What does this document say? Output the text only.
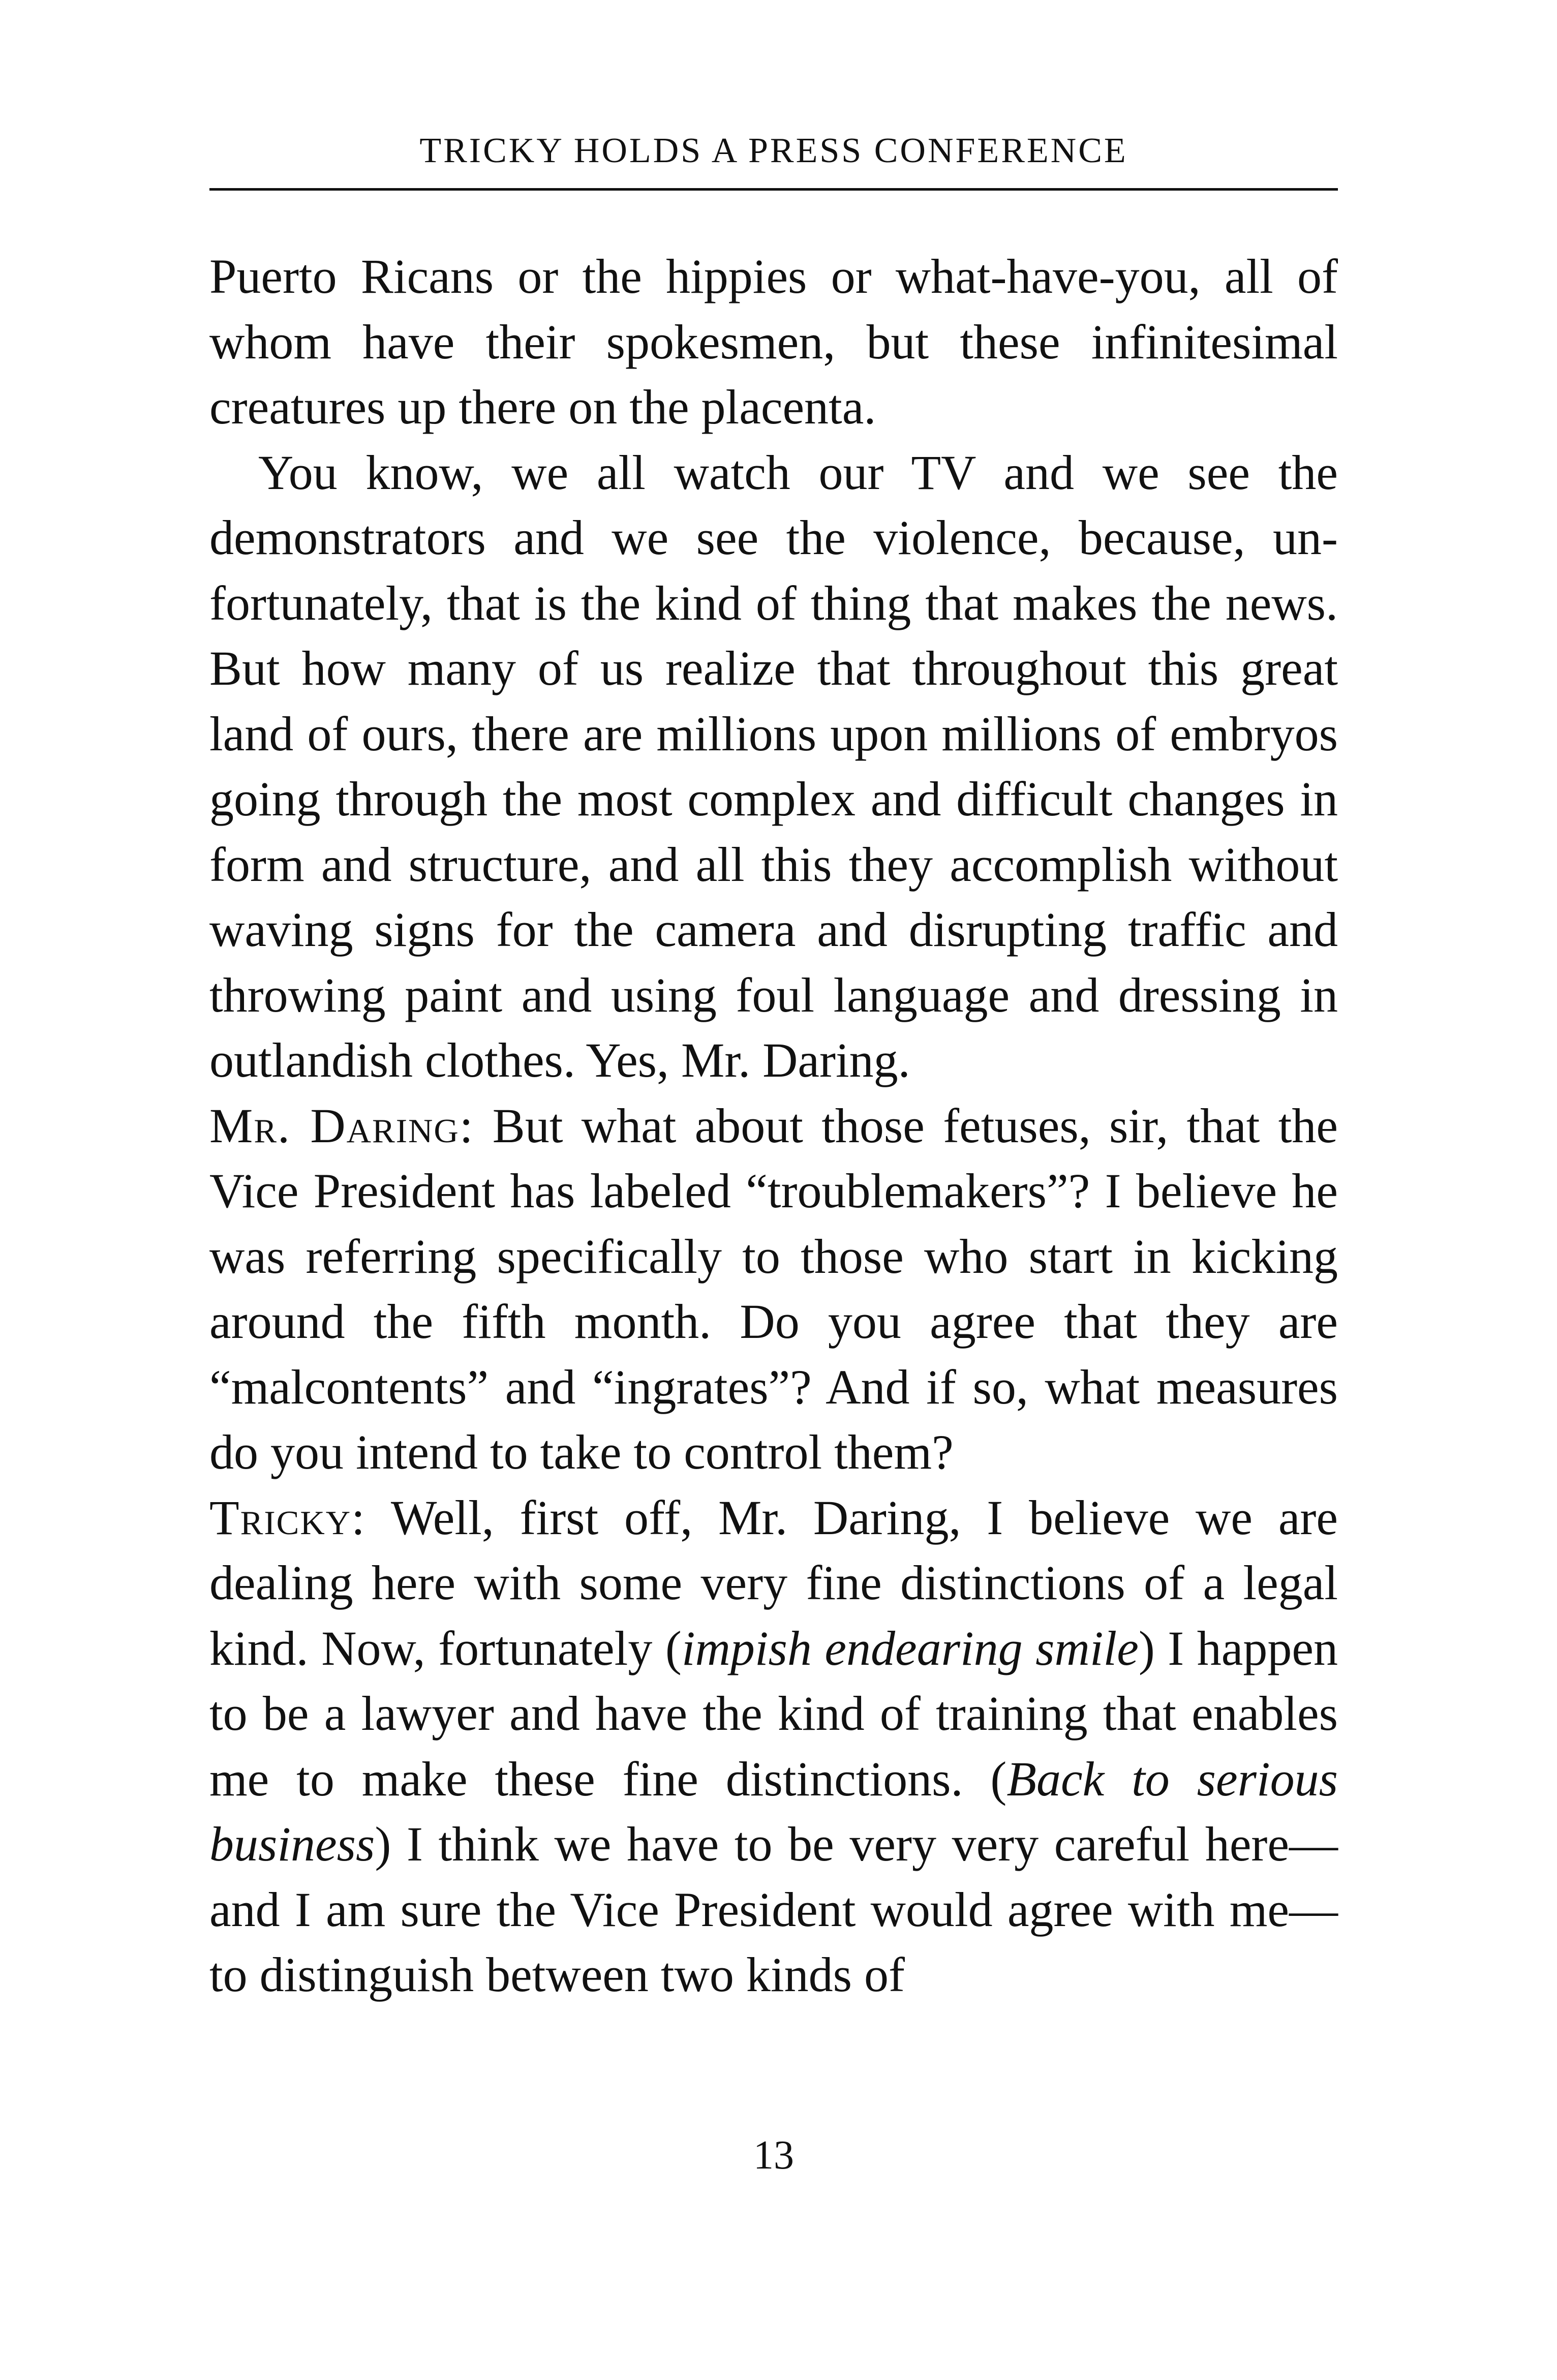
TRICKY HOLDS A PRESS CONFERENCE

Puerto Ricans or the hippies or what-have-you, all of whom have their spokesmen, but these infinitesimal creatures up there on the placenta.

You know, we all watch our TV and we see the demonstrators and we see the violence, because, unfortunately, that is the kind of thing that makes the news. But how many of us realize that throughout this great land of ours, there are millions upon millions of embryos going through the most complex and difficult changes in form and structure, and all this they accomplish without waving signs for the camera and disrupting traffic and throwing paint and using foul language and dressing in outlandish clothes. Yes, Mr. Daring.

Mr. Daring: But what about those fetuses, sir, that the Vice President has labeled “troublemakers”? I believe he was referring specifically to those who start in kicking around the fifth month. Do you agree that they are “malcontents” and “ingrates”? And if so, what measures do you intend to take to control them?

Tricky: Well, first off, Mr. Daring, I believe we are dealing here with some very fine distinctions of a legal kind. Now, fortunately (impish endearing smile) I happen to be a lawyer and have the kind of training that enables me to make these fine distinctions. (Back to serious business) I think we have to be very very careful here—and I am sure the Vice President would agree with me—to distinguish between two kinds of

13
